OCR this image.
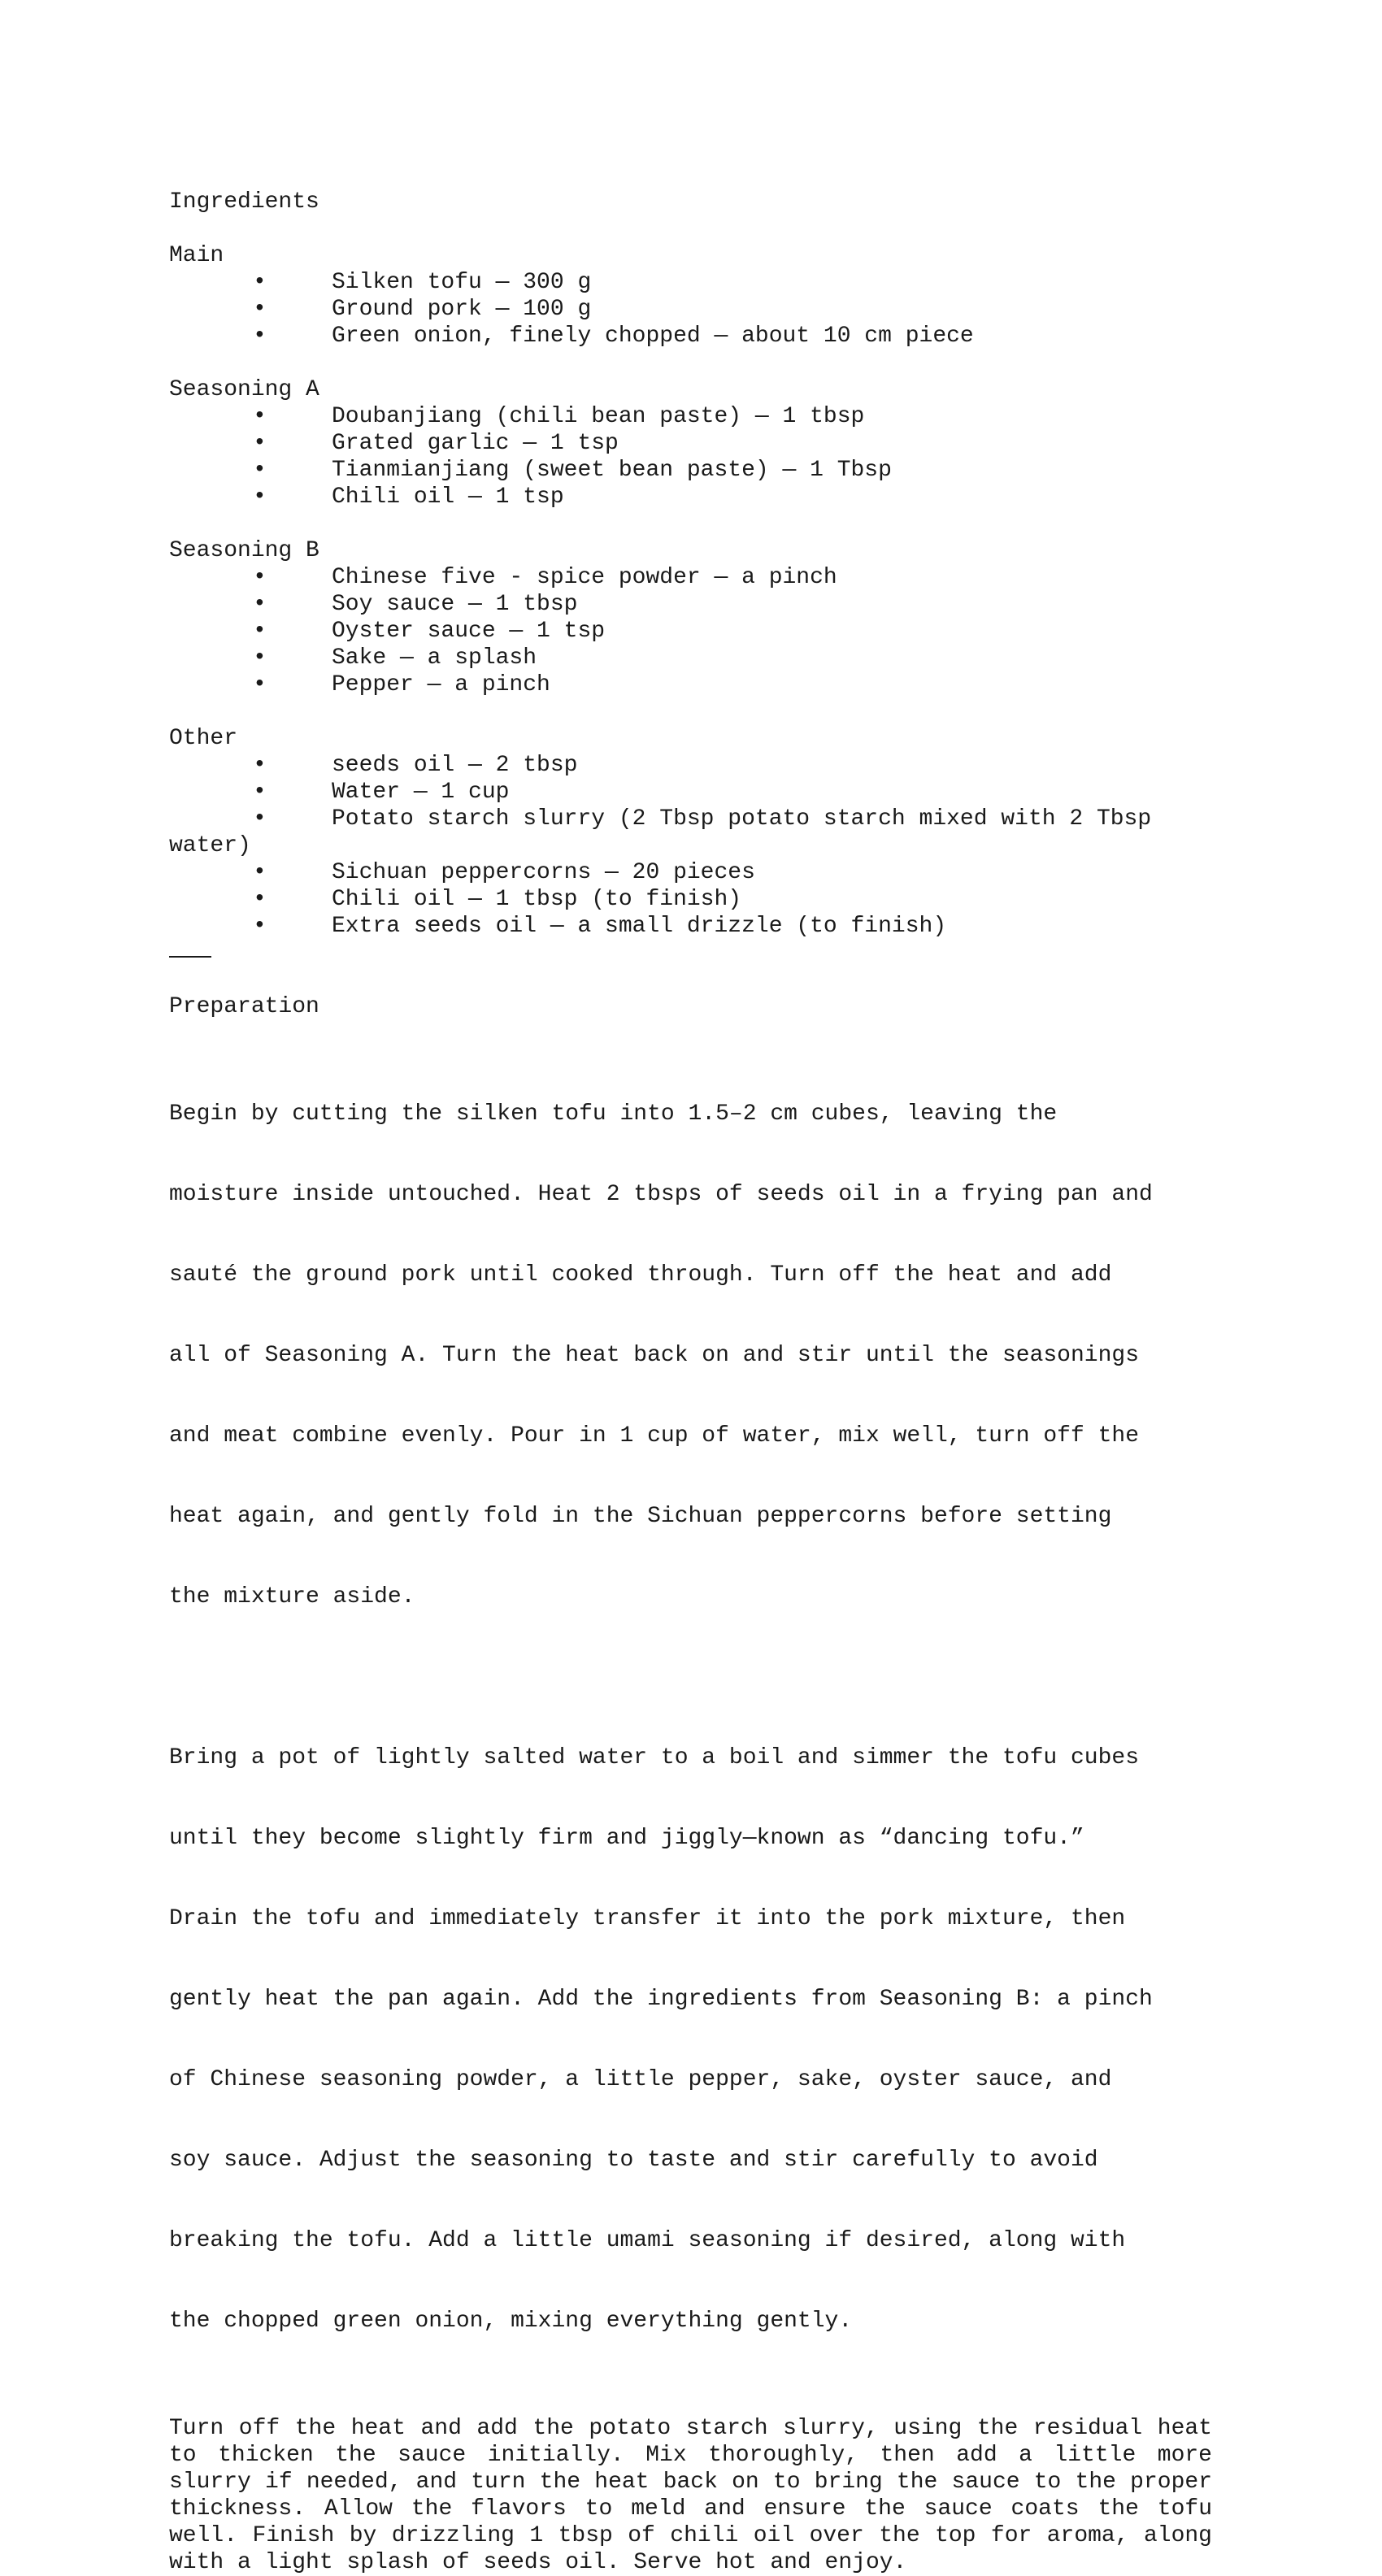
Ingredients
Main
•	Silken tofu — 300 g
•	Ground pork — 100 g
•	Green onion, finely chopped — about 10 cm piece
Seasoning A
•	Doubanjiang (chili bean paste) — 1 tbsp
•	Grated garlic — 1 tsp
•	Tianmianjiang (sweet bean paste) — 1 Tbsp
•	Chili oil — 1 tsp
Seasoning B
•	Chinese five - spice powder — a pinch
•	Soy sauce — 1 tbsp
•	Oyster sauce — 1 tsp
•	Sake — a splash
•	Pepper — a pinch
Other
•	seeds oil — 2 tbsp
•	Water — 1 cup
•	Potato starch slurry (2 Tbsp potato starch mixed with 2 Tbsp
water)
•	Sichuan peppercorns — 20 pieces
•	Chili oil — 1 tbsp (to finish)
•	Extra seeds oil — a small drizzle (to finish)
Preparation

Begin by cutting the silken tofu into 1.5–2 cm cubes, leaving the

moisture inside untouched. Heat 2 tbsps of seeds oil in a frying pan and

sauté the ground pork until cooked through. Turn off the heat and add

all of Seasoning A. Turn the heat back on and stir until the seasonings

and meat combine evenly. Pour in 1 cup of water, mix well, turn off the

heat again, and gently fold in the Sichuan peppercorns before setting

the mixture aside.

Bring a pot of lightly salted water to a boil and simmer the tofu cubes

until they become slightly firm and jiggly—known as “dancing tofu.”

Drain the tofu and immediately transfer it into the pork mixture, then

gently heat the pan again. Add the ingredients from Seasoning B: a pinch

of Chinese seasoning powder, a little pepper, sake, oyster sauce, and

soy sauce. Adjust the seasoning to taste and stir carefully to avoid

breaking the tofu. Add a little umami seasoning if desired, along with

the chopped green onion, mixing everything gently.

Turn off the heat and add the potato starch slurry, using the residual heat to thicken the sauce initially. Mix thoroughly, then add a little more slurry if needed, and turn the heat back on to bring the sauce to the proper thickness. Allow the flavors to meld and ensure the sauce coats the tofu well. Finish by drizzling 1 tbsp of chili oil over the top for aroma, along with a light splash of seeds oil. Serve hot and enjoy.
